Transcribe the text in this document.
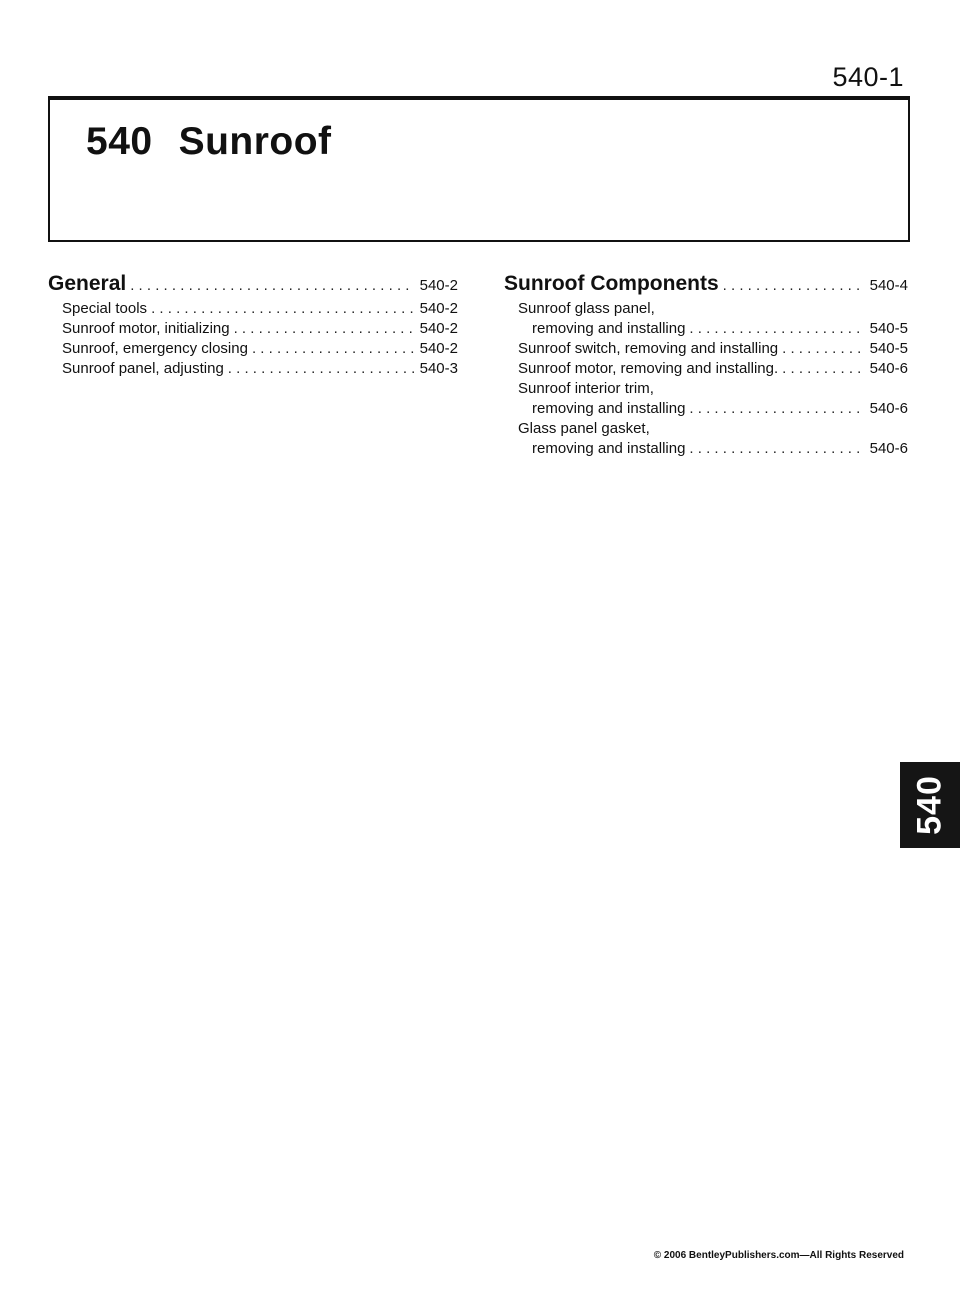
540-1
540 Sunroof
General . . .	540-2
Special tools . . .	540-2
Sunroof motor, initializing . . .	540-2
Sunroof, emergency closing . . .	540-2
Sunroof panel, adjusting . . .	540-3
Sunroof Components . . .	540-4
Sunroof glass panel,
removing and installing . . .	540-5
Sunroof switch, removing and installing . . .	540-5
Sunroof motor, removing and installing. . . .	540-6
Sunroof interior trim,
removing and installing . . .	540-6
Glass panel gasket,
removing and installing . . .	540-6
540
© 2006 BentleyPublishers.com—All Rights Reserved
